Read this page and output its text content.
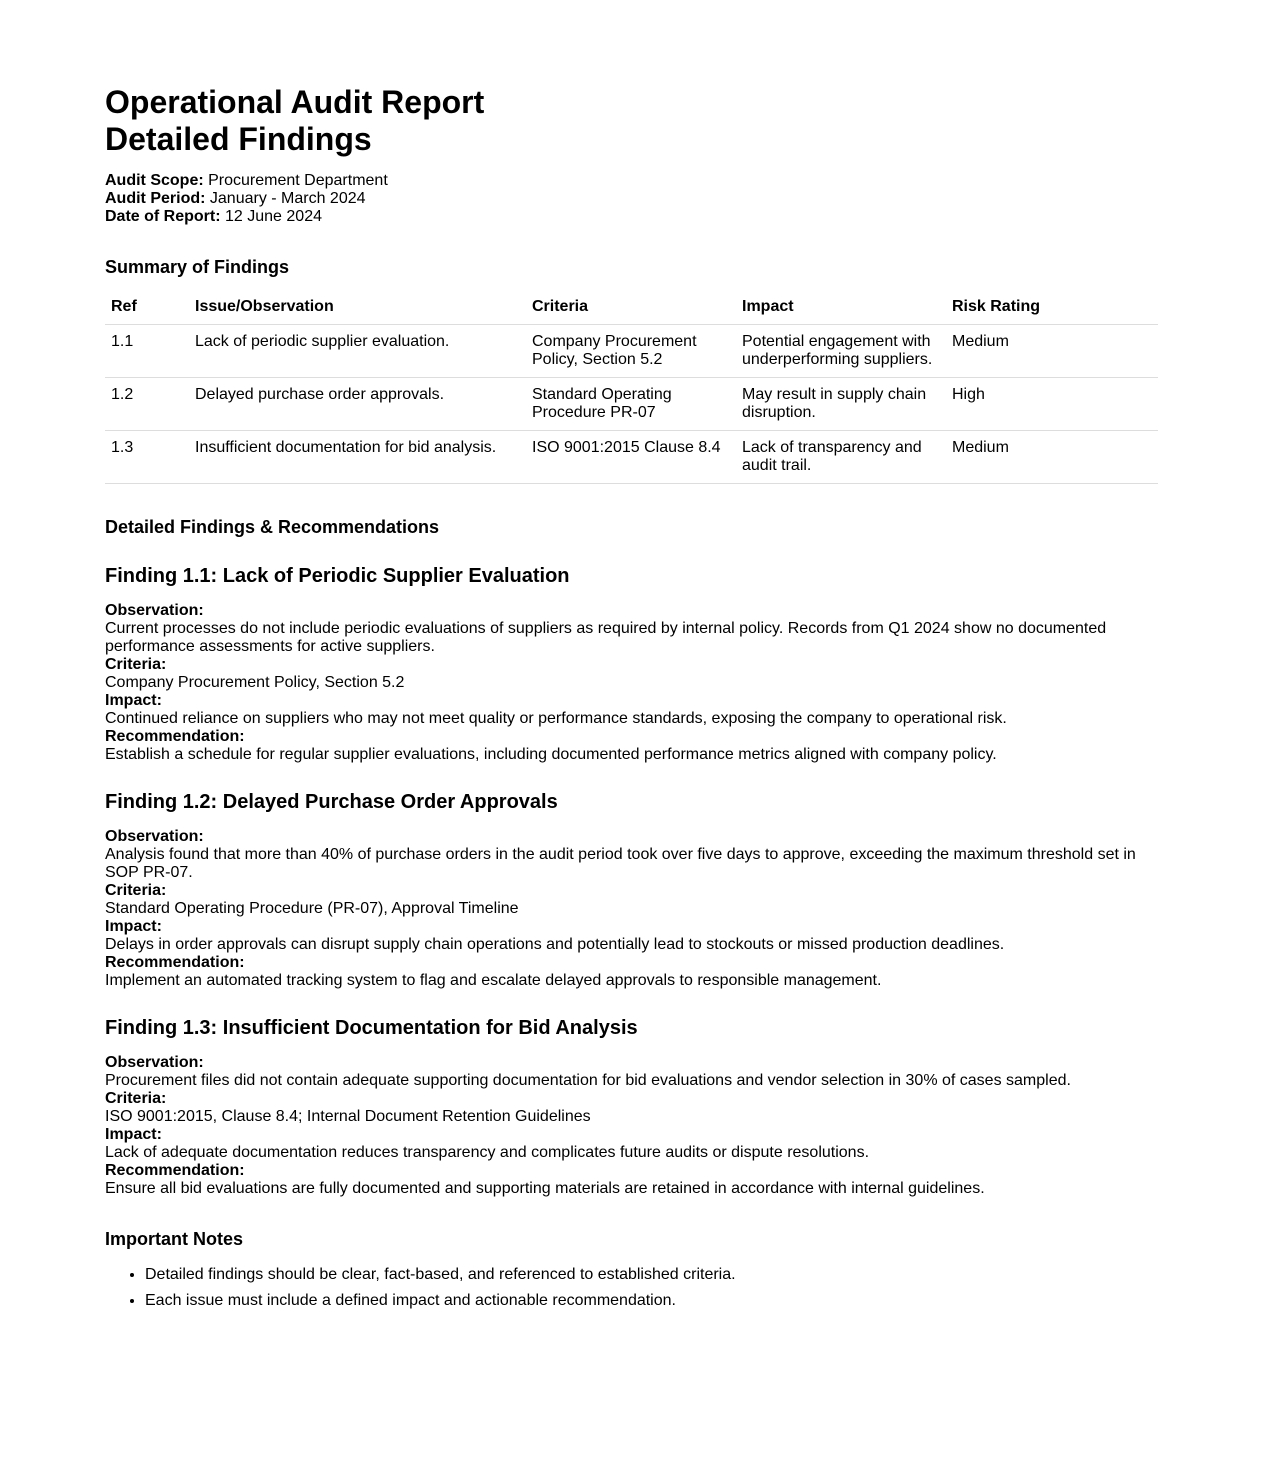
Operational Audit Report
Detailed Findings
Audit Scope: Procurement Department
Audit Period: January - March 2024
Date of Report: 12 June 2024
Summary of Findings
Ref	Issue/Observation	Criteria	Impact	Risk Rating
1.1	Lack of periodic supplier evaluation.	Company Procurement Policy, Section 5.2	Potential engagement with underperforming suppliers.	Medium
1.2	Delayed purchase order approvals.	Standard Operating Procedure PR-07	May result in supply chain disruption.	High
1.3	Insufficient documentation for bid analysis.	ISO 9001:2015 Clause 8.4	Lack of transparency and audit trail.	Medium
Detailed Findings & Recommendations
Finding 1.1: Lack of Periodic Supplier Evaluation
Observation:
Current processes do not include periodic evaluations of suppliers as required by internal policy. Records from Q1 2024 show no documented performance assessments for active suppliers.
Criteria:
Company Procurement Policy, Section 5.2
Impact:
Continued reliance on suppliers who may not meet quality or performance standards, exposing the company to operational risk.
Recommendation:
Establish a schedule for regular supplier evaluations, including documented performance metrics aligned with company policy.
Finding 1.2: Delayed Purchase Order Approvals
Observation:
Analysis found that more than 40% of purchase orders in the audit period took over five days to approve, exceeding the maximum threshold set in SOP PR-07.
Criteria:
Standard Operating Procedure (PR-07), Approval Timeline
Impact:
Delays in order approvals can disrupt supply chain operations and potentially lead to stockouts or missed production deadlines.
Recommendation:
Implement an automated tracking system to flag and escalate delayed approvals to responsible management.
Finding 1.3: Insufficient Documentation for Bid Analysis
Observation:
Procurement files did not contain adequate supporting documentation for bid evaluations and vendor selection in 30% of cases sampled.
Criteria:
ISO 9001:2015, Clause 8.4; Internal Document Retention Guidelines
Impact:
Lack of adequate documentation reduces transparency and complicates future audits or dispute resolutions.
Recommendation:
Ensure all bid evaluations are fully documented and supporting materials are retained in accordance with internal guidelines.
Important Notes
• Detailed findings should be clear, fact-based, and referenced to established criteria.
• Each issue must include a defined impact and actionable recommendation.
